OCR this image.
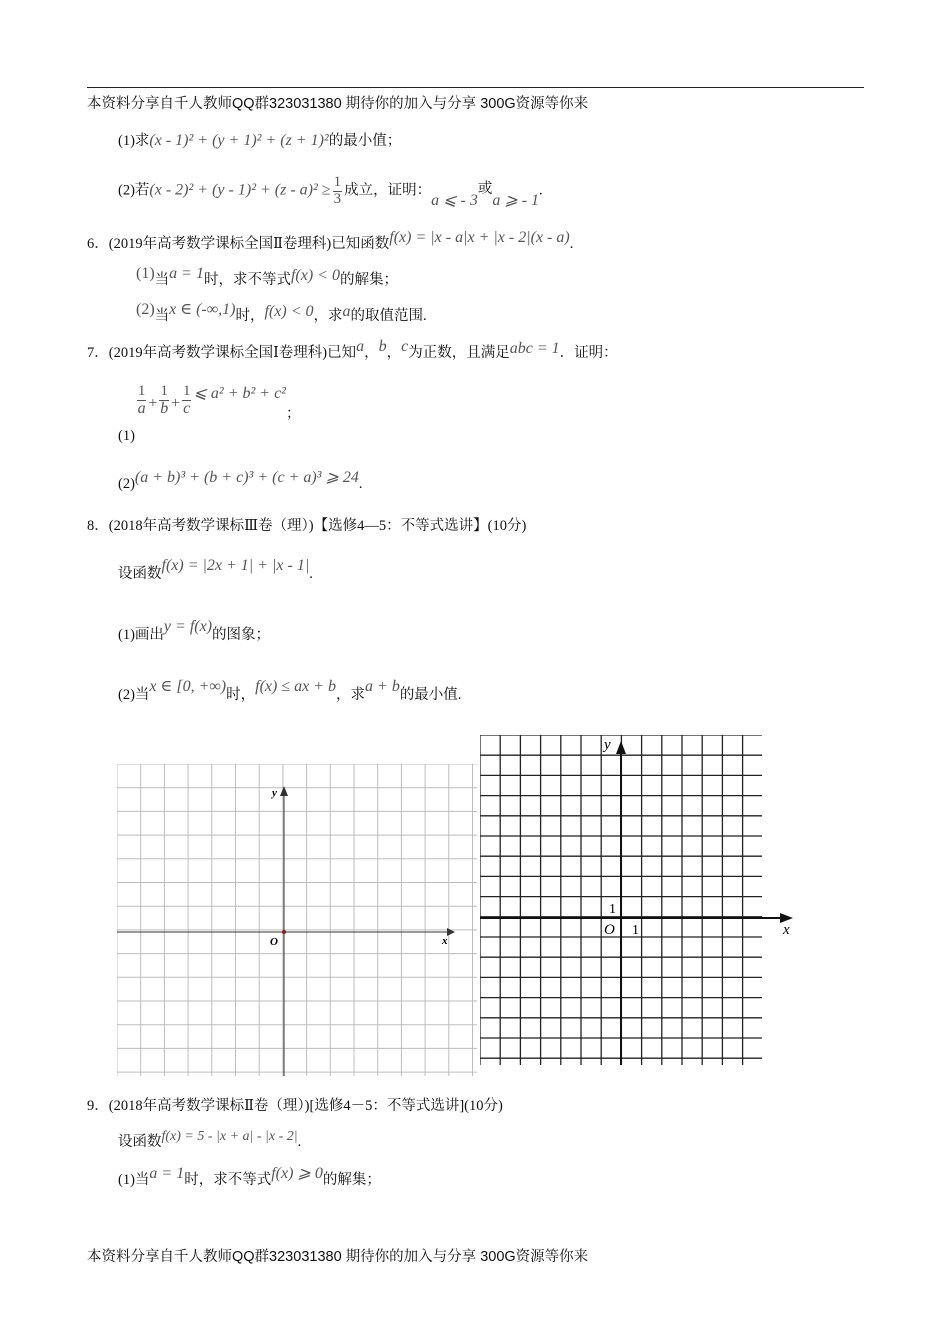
本资料分享自千人教师QQ群323031380 期待你的加入与分享 300G资源等你来
(1)求(x - 1)² + (y + 1)² + (z + 1)²的最小值；
(2)若$(x - 2)^2 + (y - 1)^2 + (z - a)^2 \ge \frac{1}{3}$ 成立，证明：a ⩽ - 3或a ⩾ - 1.
6．(2019年高考数学课标全国Ⅱ卷理科)已知函数f(x) = |x - a|x + |x - 2|(x - a).
(1)当a = 1时，求不等式f(x) < 0的解集；
(2)当x ∈ (-∞,1)时，f(x) < 0，求a的取值范围.
7．(2019年高考数学课标全国Ⅰ卷理科)已知a，b，c为正数，且满足abc = 1．证明：
(1)
$\frac{1}{a} + \frac{1}{b} + \frac{1}{c}$ ⩽ a² + b² + c²；
(2)(a + b)³ + (b + c)³ + (c + a)³ ⩾ 24.
8．(2018年高考数学课标Ⅲ卷（理）)【选修4—5：不等式选讲】(10分)
设函数f(x) = |2x + 1| + |x - 1|.
(1)画出y = f(x)的图象；
(2)当x ∈ [0, +∞)时，f(x) ≤ ax + b，求a + b的最小值.
y
x
O
y
x
O 1
1
9．(2018年高考数学课标Ⅱ卷（理）)[选修4－5：不等式选讲](10分)
设函数f(x) = 5 - |x + a| - |x - 2|.
(1)当a = 1时，求不等式f(x) ⩾ 0的解集；
本资料分享自千人教师QQ群323031380 期待你的加入与分享 300G资源等你来
